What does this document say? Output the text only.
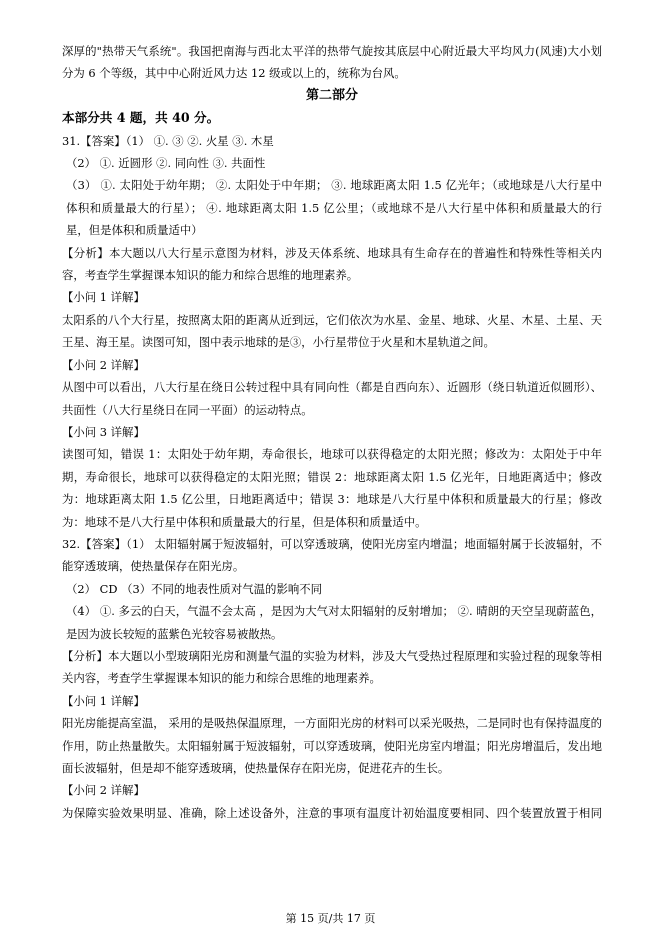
深厚的"热带天气系统"。我国把南海与西北太平洋的热带气旋按其底层中心附近最大平均风力(风速)大小划分为 6 个等级，其中中心附近风力达 12 级或以上的，统称为台风。

第二部分

本部分共 4 题，共 40 分。

31.【答案】（1） ①. ③ ②. 火星 ③. 木星

（2） ①. 近圆形 ②. 同向性 ③. 共面性

（3） ①. 太阳处于幼年期； ②. 太阳处于中年期； ③. 地球距离太阳 1.5 亿光年；（或地球是八大行星中体积和质量最大的行星）； ④. 地球距离太阳 1.5 亿公里；（或地球不是八大行星中体积和质量最大的行星，但是体积和质量适中）

【分析】本大题以八大行星示意图为材料，涉及天体系统、地球具有生命存在的普遍性和特殊性等相关内容，考查学生掌握课本知识的能力和综合思维的地理素养。

【小问 1 详解】

太阳系的八个大行星，按照离太阳的距离从近到远，它们依次为水星、金星、地球、火星、木星、土星、天王星、海王星。读图可知，图中表示地球的是③，小行星带位于火星和木星轨道之间。

【小问 2 详解】

从图中可以看出，八大行星在绕日公转过程中具有同向性（都是自西向东）、近圆形（绕日轨道近似圆形）、共面性（八大行星绕日在同一平面）的运动特点。

【小问 3 详解】

读图可知，错误 1：太阳处于幼年期，寿命很长，地球可以获得稳定的太阳光照；修改为：太阳处于中年期，寿命很长，地球可以获得稳定的太阳光照；错误 2：地球距离太阳 1.5 亿光年，日地距离适中；修改为：地球距离太阳 1.5 亿公里，日地距离适中；错误 3：地球是八大行星中体积和质量最大的行星；修改为：地球不是八大行星中体积和质量最大的行星，但是体积和质量适中。

32.【答案】（1） 太阳辐射属于短波辐射，可以穿透玻璃，使阳光房室内增温；地面辐射属于长波辐射，不能穿透玻璃，使热量保存在阳光房。

（2） CD （3）不同的地表性质对气温的影响不同

（4） ①. 多云的白天，气温不会太高 ，是因为大气对太阳辐射的反射增加； ②. 晴朗的天空呈现蔚蓝色，是因为波长较短的蓝紫色光较容易被散热。

【分析】本大题以小型玻璃阳光房和测量气温的实验为材料，涉及大气受热过程原理和实验过程的现象等相关内容，考查学生掌握课本知识的能力和综合思维的地理素养。

【小问 1 详解】

阳光房能提高室温， 采用的是吸热保温原理，一方面阳光房的材料可以采光吸热，二是同时也有保持温度的作用，防止热量散失。太阳辐射属于短波辐射，可以穿透玻璃，使阳光房室内增温；阳光房增温后，发出地面长波辐射，但是却不能穿透玻璃，使热量保存在阳光房，促进花卉的生长。

【小问 2 详解】

为保障实验效果明显、准确，除上述设备外，注意的事项有温度计初始温度要相同、四个装置放置于相同

第 15 页/共 17 页
